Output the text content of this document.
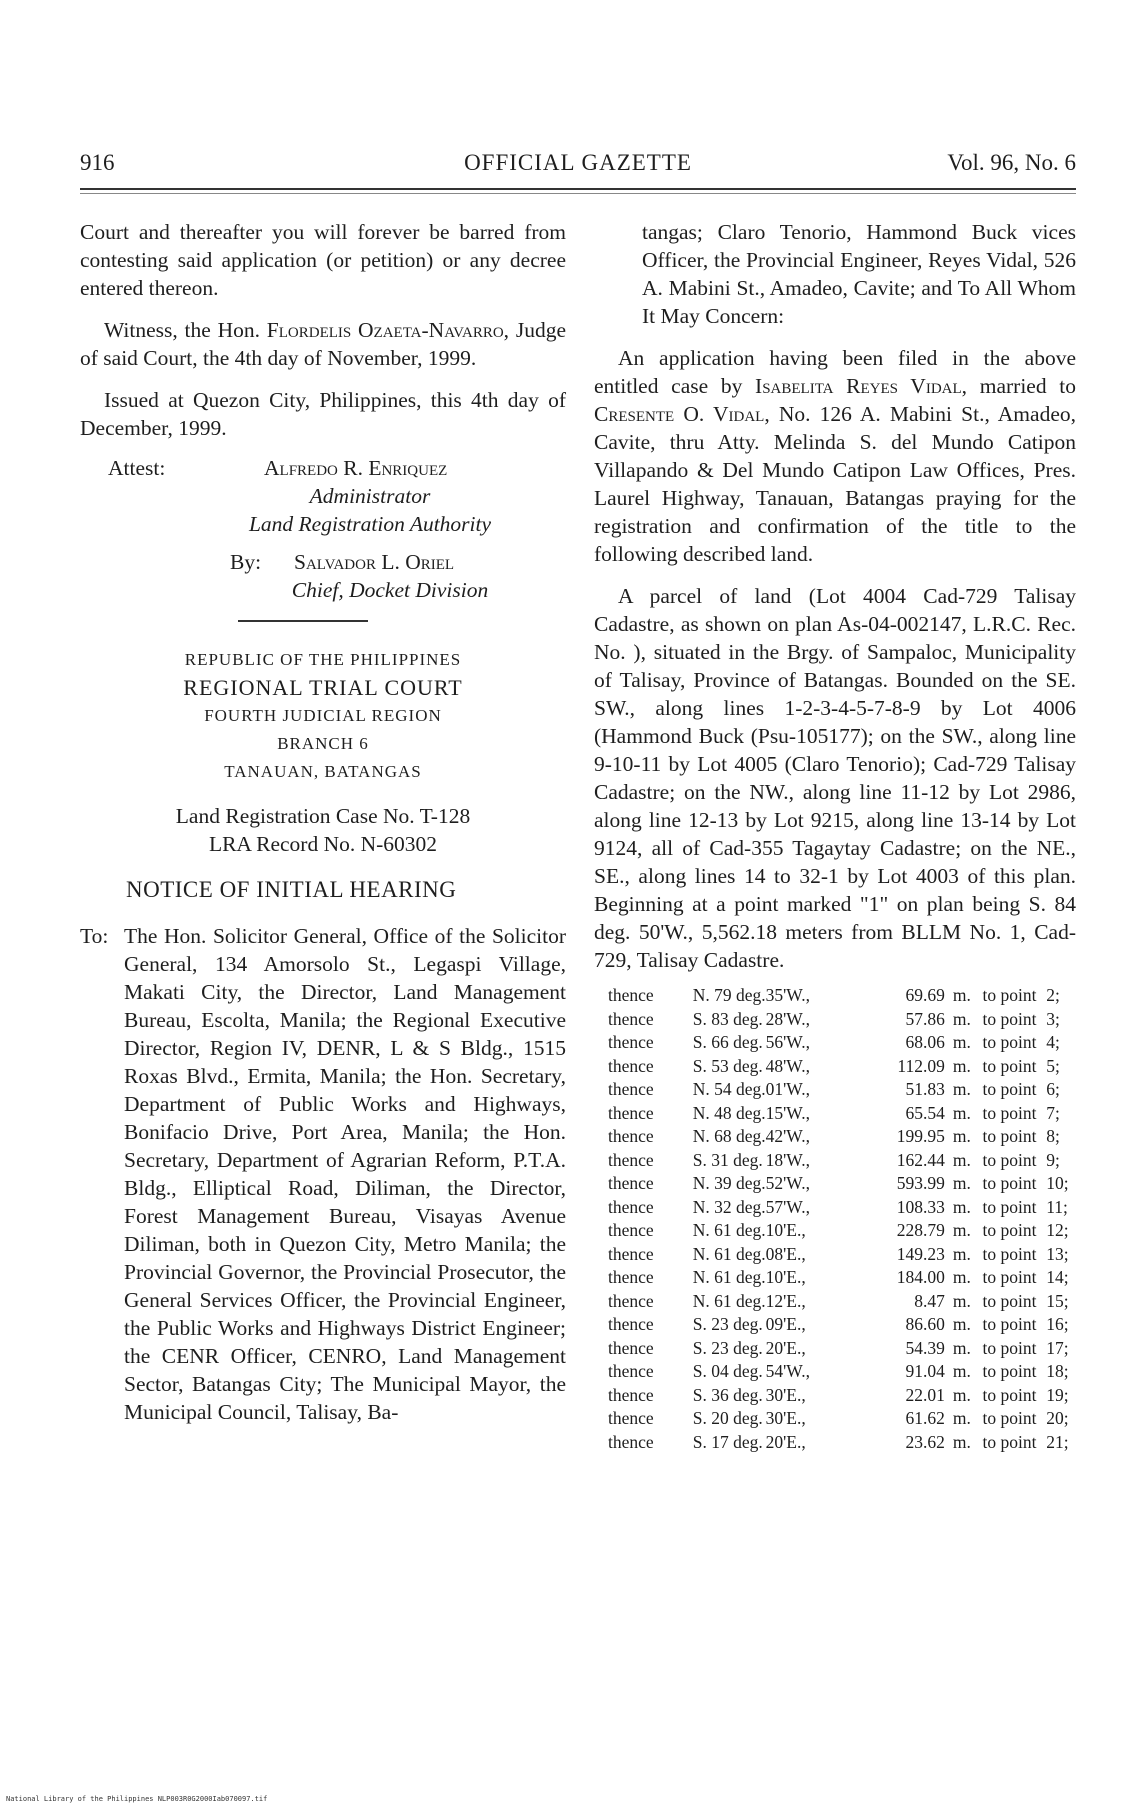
916	OFFICIAL GAZETTE	Vol. 96, No. 6

Court and thereafter you will forever be barred from contesting said application (or petition) or any decree entered thereon.

Witness, the Hon. Flordelis Ozaeta-Navarro, Judge of said Court, the 4th day of November, 1999.

Issued at Quezon City, Philippines, this 4th day of December, 1999.

Attest:	Alfredo R. Enriquez
Administrator
Land Registration Authority
By: Salvador L. Oriel
Chief, Docket Division
REPUBLIC OF THE PHILIPPINES
REGIONAL TRIAL COURT
FOURTH JUDICIAL REGION
BRANCH 6
TANAUAN, BATANGAS
Land Registration Case No. T-128
LRA Record No. N-60302
NOTICE OF INITIAL HEARING
To: The Hon. Solicitor General, Office of the Solicitor General, 134 Amorsolo St., Legaspi Village, Makati City, the Director, Land Management Bureau, Escolta, Manila; the Regional Executive Director, Region IV, DENR, L & S Bldg., 1515 Roxas Blvd., Ermita, Manila; the Hon. Secretary, Department of Public Works and Highways, Bonifacio Drive, Port Area, Manila; the Hon. Secretary, Department of Agrarian Reform, P.T.A. Bldg., Elliptical Road, Diliman, the Director, Forest Management Bureau, Visayas Avenue Diliman, both in Quezon City, Metro Manila; the Provincial Governor, the Provincial Prosecutor, the General Services Officer, the Provincial Engineer, the Public Works and Highways District Engineer; the CENR Officer, CENRO, Land Management Sector, Batangas City; The Municipal Mayor, the Municipal Council, Talisay, Ba-

tangas; Claro Tenorio, Hammond Buck vices Officer, the Provincial Engineer, Reyes Vidal, 526 A. Mabini St., Amadeo, Cavite; and To All Whom It May Concern:

An application having been filed in the above entitled case by Isabelita Reyes Vidal, married to Cresente O. Vidal, No. 126 A. Mabini St., Amadeo, Cavite, thru Atty. Melinda S. del Mundo Catipon Villapando & Del Mundo Catipon Law Offices, Pres. Laurel Highway, Tanauan, Batangas praying for the registration and confirmation of the title to the following described land.

A parcel of land (Lot 4004 Cad-729 Talisay Cadastre, as shown on plan As-04-002147, L.R.C. Rec. No. ), situated in the Brgy. of Sampaloc, Municipality of Talisay, Province of Batangas. Bounded on the SE. SW., along lines 1-2-3-4-5-7-8-9 by Lot 4006 (Hammond Buck (Psu-105177); on the SW., along line 9-10-11 by Lot 4005 (Claro Tenorio); Cad-729 Talisay Cadastre; on the NW., along line 11-12 by Lot 2986, along line 12-13 by Lot 9215, along line 13-14 by Lot 9124, all of Cad-355 Tagaytay Cadastre; on the NE., SE., along lines 14 to 32-1 by Lot 4003 of this plan. Beginning at a point marked "1" on plan being S. 84 deg. 50'W., 5,562.18 meters from BLLM No. 1, Cad-729, Talisay Cadastre.

thence	N. 79 deg.	35'W.,	69.69	m.	to point	2;
thence	S. 83 deg.	28'W.,	57.86	m.	to point	3;
thence	S. 66 deg.	56'W.,	68.06	m.	to point	4;
thence	S. 53 deg.	48'W.,	112.09	m.	to point	5;
thence	N. 54 deg.	01'W.,	51.83	m.	to point	6;
thence	N. 48 deg.	15'W.,	65.54	m.	to point	7;
thence	N. 68 deg.	42'W.,	199.95	m.	to point	8;
thence	S. 31 deg.	18'W.,	162.44	m.	to point	9;
thence	N. 39 deg.	52'W.,	593.99	m.	to point	10;
thence	N. 32 deg.	57'W.,	108.33	m.	to point	11;
thence	N. 61 deg.	10'E.,	228.79	m.	to point	12;
thence	N. 61 deg.	08'E.,	149.23	m.	to point	13;
thence	N. 61 deg.	10'E.,	184.00	m.	to point	14;
thence	N. 61 deg.	12'E.,	8.47	m.	to point	15;
thence	S. 23 deg.	09'E.,	86.60	m.	to point	16;
thence	S. 23 deg.	20'E.,	54.39	m.	to point	17;
thence	S. 04 deg.	54'W.,	91.04	m.	to point	18;
thence	S. 36 deg.	30'E.,	22.01	m.	to point	19;
thence	S. 20 deg.	30'E.,	61.62	m.	to point	20;
thence	S. 17 deg.	20'E.,	23.62	m.	to point	21;
National Library of the Philippines NLP003R0G2000Iab070097.tif
